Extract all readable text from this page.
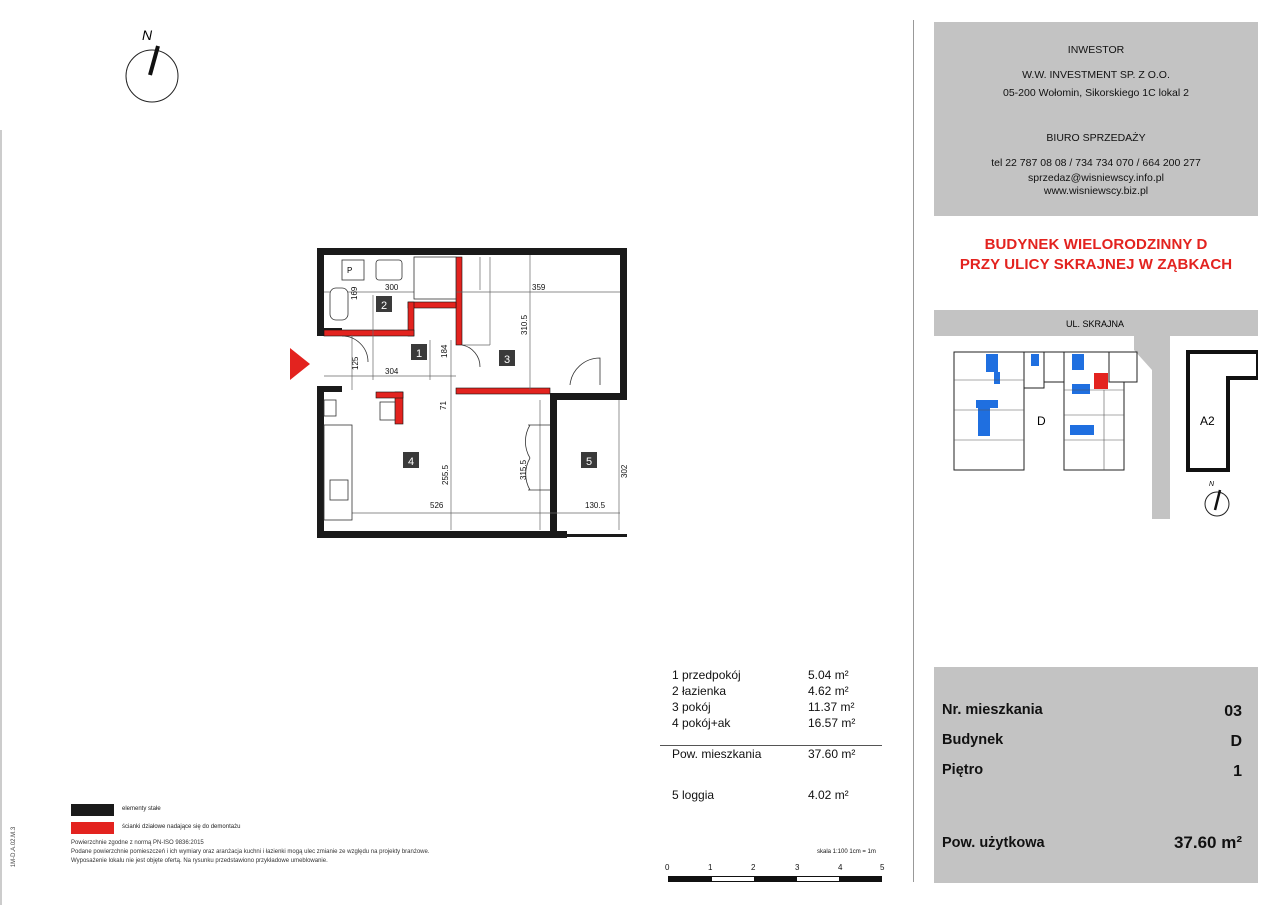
N
INWESTOR
W.W. INVESTMENT SP. Z O.O.
05-200 Wołomin, Sikorskiego 1C lokal 2
BIURO SPRZEDAŻY
tel 22 787 08 08 / 734 734 070 / 664 200 277
sprzedaz@wisniewscy.info.pl
www.wisniewscy.biz.pl
BUDYNEK WIELORODZINNY D
PRZY ULICY SKRAJNEJ W ZĄBKACH
UL. SKRAJNA
D	A2
N
P
2
1	3
4	5
300	359
169
310.5
184
125
304
71
255.5	315.5	302
526	130.5
1 przedpokój	5.04 m²
2 łazienka	4.62 m²
3 pokój	11.37 m²
4 pokój+ak	16.57 m²
Pow. mieszkania	37.60 m²
5 loggia	4.02 m²
elementy stałe
ścianki działowe nadające się do demontażu
Powierzchnie zgodne z normą PN-ISO 9836:2015
Podane powierzchnie pomieszczeń i ich wymiary oraz aranżacja kuchni i łazienki mogą ulec zmianie ze względu na projekty branżowe.
Wyposażenie lokalu nie jest objęte ofertą. Na rysunku przedstawiono przykładowe umeblowanie.
1M-D.A.02.M.3	skala 1:100 1cm = 1m
0	1	2	3	4	5
Nr. mieszkania	03
Budynek	D
Piętro	1
Pow. użytkowa	37.60 m²
